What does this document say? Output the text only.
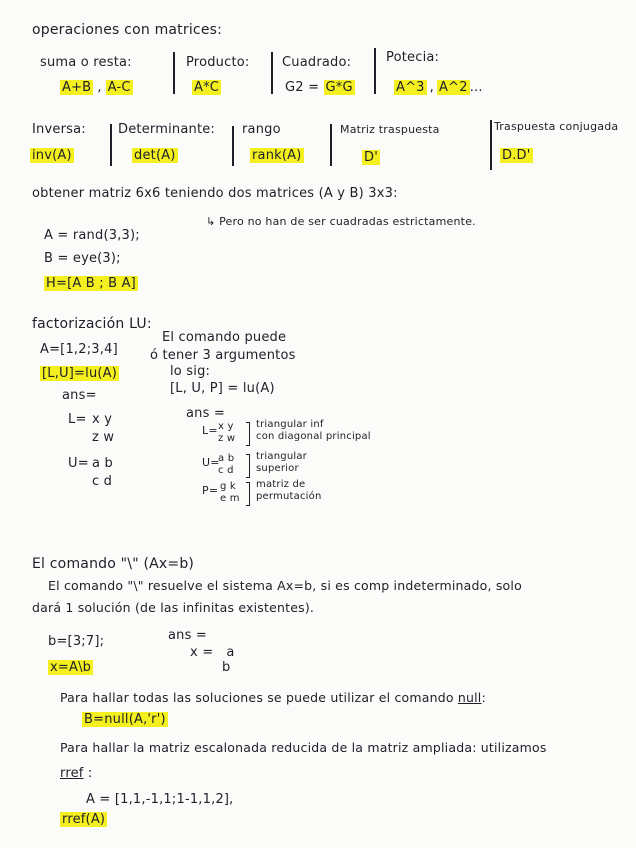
operaciones con matrices:
suma o resta:
A+B , A-C
Producto:
A*C
Cuadrado:
G2 = G*G
Potecia:
A^3 , A^2 ...
Inversa:
inv(A)
Determinante:
det(A)
rango
rank(A)
Matriz traspuesta
D'
Traspuesta conjugada
D.D'
obtener matriz 6x6 teniendo dos matrices (A y B) 3x3:
↳ Pero no han de ser cuadradas estrictamente.
A = rand(3,3);
B = eye(3);
H=[A B ; B A]
factorización LU:
A=[1,2;3,4]
[L,U]=lu(A)
ans=
L= x y
z w
U= a b
c d
El comando puede
ó tener 3 argumentos
lo sig:
[L, U, P] = lu(A)
ans =
L= x y
z w
triangular inf
con diagonal principal
U=
a b
c d
triangular
superior
P= g k
e m
matriz de
permutación
El comando "\" (Ax=b)
El comando "\" resuelve el sistema Ax=b, si es comp indeterminado, solo
dará 1 solución (de las infinitas existentes).
b=[3;7];
x=A\b
ans =
x =   a
b
Para hallar todas las soluciones se puede utilizar el comando null:
B=null(A,'r')
Para hallar la matriz escalonada reducida de la matriz ampliada: utilizamos
rref :
A = [1,1,-1,1;1-1,1,2],
rref(A)
